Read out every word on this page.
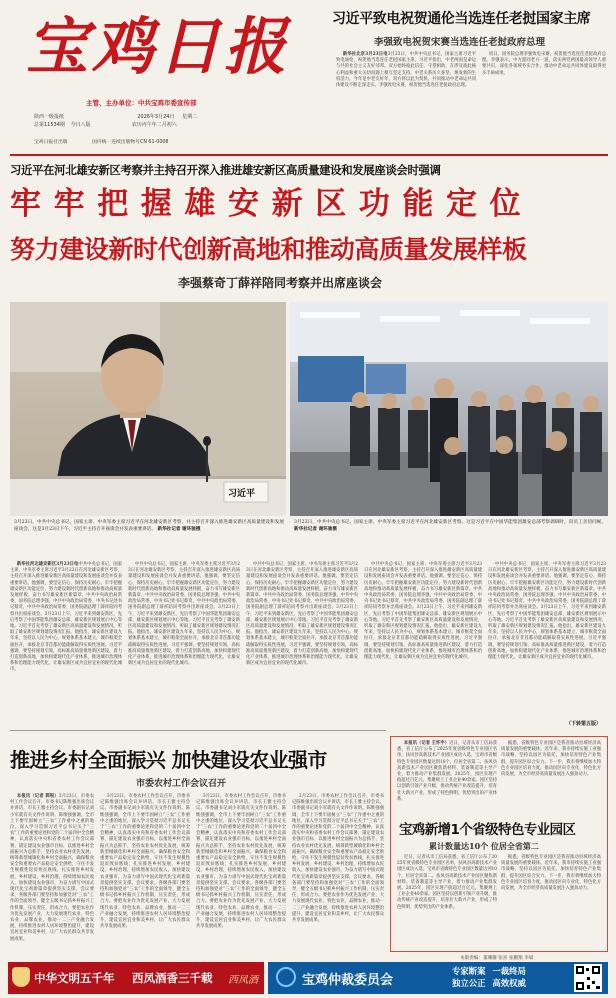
宝鸡日报
主管、主办单位：中共宝鸡市委宣传部
陕西一级报纸	2026年3月24日 星期二
总第11534期 今日八版	农历丙午年二月初六
宝鸡日报社出版	国内统一连续出版物号CN 61-0008
习近平致电祝贺通伦当选连任老挝国家主席
李强致电祝贺宋赛当选连任老挝政府总理

新华社北京3月23日电3月23日，中共中央总书记、国家主席习近平致电通伦，祝贺他当选连任老挝国家主席。习近平指出，中老两国是命运与共的社会主义友好邻邦。双方始终彼此信任、守望相助，在涉及彼此核心利益和重大关切问题上相互坚定支持。中老关系历久弥坚、焕发新的生机活力。今年是中老友好年，双方将以此为契机，共同推动中老命运共同体建设不断走深走实。李强致电宋赛，祝贺他当选连任老挝政府总理。

同日，国务院总理李强致电宋赛，祝贺他当选连任老挝政府总理。李强表示，中方愿同老方一道，落实两党两国最高领导人重要共识，深化各领域务实合作，推动中老命运共同体建设取得更多丰硕成果。

习近平在河北雄安新区考察并主持召开深入推进雄安新区高质量建设和发展座谈会时强调
牢牢把握雄安新区功能定位
努力建设新时代创新高地和推动高质量发展样板
李强蔡奇丁薛祥陪同考察并出席座谈会
习近平
3月23日，中共中央总书记、国家主席、中央军委主席习近平在河北雄安新区考察，并主持召开深入推进雄安新区高质量建设和发展座谈会。这是3月23日下午，习近平主持召开座谈会并发表重要讲话。 新华社记者 谢环驰摄
3月23日，中共中央总书记、国家主席、中央军委主席习近平在河北雄安新区考察。这是习近平在中国华能集团雄安总部考察调研时，向员工亲切问候。 新华社记者 谢环驰摄

新华社河北雄安新区3月23日电中共中央总书记、国家主席、中央军委主席习近平3月23日在河北雄安新区考察，主持召开深入推进雄安新区高质量建设和发展座谈会并发表重要讲话。他强调，要坚定信心、保持历史耐心，牢牢把握雄安新区功能定位，努力建设新时代创新高地和推动高质量发展样板，奋力书写雄安新区新篇章。中共中央政治局常委、国务院总理李强，中共中央政治局常委、中央书记处书记蔡奇，中共中央政治局常委、国务院副总理丁薛祥陪同考察并出席座谈会。3月23日上午，习近平来到雄安新区，先后考察了中国华能集团雄安总部、雄安新区规划展示中心等地。习近平首先考察了雄安新区高质量建设和发展情况，听取了雄安新区规划建设情况汇报。他指出，雄安新区建设九年来，坚持以人民为中心，规划体系基本建立，城市框架全面拉开，承接北京非首都功能疏解取得实质性进展。习近平强调，要坚持规划引领，高标准高质量推进新区建设，着力打造创新高地，加快构建现代化产业体系，推进城市治理体系和治理能力现代化，让雄安新区成为宜居宜业的现代化城市。

中共中央总书记、国家主席、中央军委主席习近平3月23日在河北雄安新区考察，主持召开深入推进雄安新区高质量建设和发展座谈会并发表重要讲话。他强调，要坚定信心、保持历史耐心，牢牢把握雄安新区功能定位，努力建设新时代创新高地和推动高质量发展样板，奋力书写雄安新区新篇章。中共中央政治局常委、国务院总理李强，中共中央政治局常委、中央书记处书记蔡奇，中共中央政治局常委、国务院副总理丁薛祥陪同考察并出席座谈会。3月23日上午，习近平来到雄安新区，先后考察了中国华能集团雄安总部、雄安新区规划展示中心等地。习近平首先考察了雄安新区高质量建设和发展情况，听取了雄安新区规划建设情况汇报。他指出，雄安新区建设九年来，坚持以人民为中心，规划体系基本建立，城市框架全面拉开，承接北京非首都功能疏解取得实质性进展。习近平强调，要坚持规划引领，高标准高质量推进新区建设，着力打造创新高地，加快构建现代化产业体系，推进城市治理体系和治理能力现代化，让雄安新区成为宜居宜业的现代化城市。

中共中央总书记、国家主席、中央军委主席习近平3月23日在河北雄安新区考察，主持召开深入推进雄安新区高质量建设和发展座谈会并发表重要讲话。他强调，要坚定信心、保持历史耐心，牢牢把握雄安新区功能定位，努力建设新时代创新高地和推动高质量发展样板，奋力书写雄安新区新篇章。中共中央政治局常委、国务院总理李强，中共中央政治局常委、中央书记处书记蔡奇，中共中央政治局常委、国务院副总理丁薛祥陪同考察并出席座谈会。3月23日上午，习近平来到雄安新区，先后考察了中国华能集团雄安总部、雄安新区规划展示中心等地。习近平首先考察了雄安新区高质量建设和发展情况，听取了雄安新区规划建设情况汇报。他指出，雄安新区建设九年来，坚持以人民为中心，规划体系基本建立，城市框架全面拉开，承接北京非首都功能疏解取得实质性进展。习近平强调，要坚持规划引领，高标准高质量推进新区建设，着力打造创新高地，加快构建现代化产业体系，推进城市治理体系和治理能力现代化，让雄安新区成为宜居宜业的现代化城市。

中共中央总书记、国家主席、中央军委主席习近平3月23日在河北雄安新区考察，主持召开深入推进雄安新区高质量建设和发展座谈会并发表重要讲话。他强调，要坚定信心、保持历史耐心，牢牢把握雄安新区功能定位，努力建设新时代创新高地和推动高质量发展样板，奋力书写雄安新区新篇章。中共中央政治局常委、国务院总理李强，中共中央政治局常委、中央书记处书记蔡奇，中共中央政治局常委、国务院副总理丁薛祥陪同考察并出席座谈会。3月23日上午，习近平来到雄安新区，先后考察了中国华能集团雄安总部、雄安新区规划展示中心等地。习近平首先考察了雄安新区高质量建设和发展情况，听取了雄安新区规划建设情况汇报。他指出，雄安新区建设九年来，坚持以人民为中心，规划体系基本建立，城市框架全面拉开，承接北京非首都功能疏解取得实质性进展。习近平强调，要坚持规划引领，高标准高质量推进新区建设，着力打造创新高地，加快构建现代化产业体系，推进城市治理体系和治理能力现代化，让雄安新区成为宜居宜业的现代化城市。

中共中央总书记、国家主席、中央军委主席习近平3月23日在河北雄安新区考察，主持召开深入推进雄安新区高质量建设和发展座谈会并发表重要讲话。他强调，要坚定信心、保持历史耐心，牢牢把握雄安新区功能定位，努力建设新时代创新高地和推动高质量发展样板，奋力书写雄安新区新篇章。中共中央政治局常委、国务院总理李强，中共中央政治局常委、中央书记处书记蔡奇，中共中央政治局常委、国务院副总理丁薛祥陪同考察并出席座谈会。3月23日上午，习近平来到雄安新区，先后考察了中国华能集团雄安总部、雄安新区规划展示中心等地。习近平首先考察了雄安新区高质量建设和发展情况，听取了雄安新区规划建设情况汇报。他指出，雄安新区建设九年来，坚持以人民为中心，规划体系基本建立，城市框架全面拉开，承接北京非首都功能疏解取得实质性进展。习近平强调，要坚持规划引领，高标准高质量推进新区建设，着力打造创新高地，加快构建现代化产业体系，推进城市治理体系和治理能力现代化，让雄安新区成为宜居宜业的现代化城市。

（下转第五版）
推进乡村全面振兴 加快建设农业强市
市委农村工作会议召开

本报讯（记者 郭锐）3月23日，市委农村工作会议召开，市委书记陈维强出席会议并讲话，市长王雅主持会议。市委副书记刘小军就有关文件作说明。陈维强强调，全市上下要牢固树立“三农”工作重中之重的地位，深入学习贯彻习近平总书记关于“三农”工作的重要论述和党的二十届四中全会精神，认真落实中央和省委农村工作会议部署，锚定建设农业强市目标，以推进乡村全面振兴为总抓手，坚持农业农村优先发展，统筹新型城镇化和乡村全面振兴，确保粮食安全和重要农产品稳定安全供给，守住不发生规模性返贫致贫底线，扎实推进乡村发展、乡村建设、乡村治理，持续增加农民收入，加快建设农业强市，为奋力谱写中国式现代化宝鸡新篇章提供坚实支撑。会议要求，各级各部门要坚持和加强党对“三农”工作的全面领导，健全五级书记抓乡村振兴工作机制，压实责任，形成合力。要把农业作为优先发展产业，大力发展现代农业、特色农业、品牌农业，推动一二三产业融合发展，持续推进农村人居环境整治提升，建设宜居宜业和美乡村，让广大农民群众共享发展成果。

3月23日，市委农村工作会议召开，市委书记陈维强出席会议并讲话，市长王雅主持会议。市委副书记刘小军就有关文件作说明。陈维强强调，全市上下要牢固树立“三农”工作重中之重的地位，深入学习贯彻习近平总书记关于“三农”工作的重要论述和党的二十届四中全会精神，认真落实中央和省委农村工作会议部署，锚定建设农业强市目标，以推进乡村全面振兴为总抓手，坚持农业农村优先发展，统筹新型城镇化和乡村全面振兴，确保粮食安全和重要农产品稳定安全供给，守住不发生规模性返贫致贫底线，扎实推进乡村发展、乡村建设、乡村治理，持续增加农民收入，加快建设农业强市，为奋力谱写中国式现代化宝鸡新篇章提供坚实支撑。会议要求，各级各部门要坚持和加强党对“三农”工作的全面领导，健全五级书记抓乡村振兴工作机制，压实责任，形成合力。要把农业作为优先发展产业，大力发展现代农业、特色农业、品牌农业，推动一二三产业融合发展，持续推进农村人居环境整治提升，建设宜居宜业和美乡村，让广大农民群众共享发展成果。

3月23日，市委农村工作会议召开，市委书记陈维强出席会议并讲话，市长王雅主持会议。市委副书记刘小军就有关文件作说明。陈维强强调，全市上下要牢固树立“三农”工作重中之重的地位，深入学习贯彻习近平总书记关于“三农”工作的重要论述和党的二十届四中全会精神，认真落实中央和省委农村工作会议部署，锚定建设农业强市目标，以推进乡村全面振兴为总抓手，坚持农业农村优先发展，统筹新型城镇化和乡村全面振兴，确保粮食安全和重要农产品稳定安全供给，守住不发生规模性返贫致贫底线，扎实推进乡村发展、乡村建设、乡村治理，持续增加农民收入，加快建设农业强市，为奋力谱写中国式现代化宝鸡新篇章提供坚实支撑。会议要求，各级各部门要坚持和加强党对“三农”工作的全面领导，健全五级书记抓乡村振兴工作机制，压实责任，形成合力。要把农业作为优先发展产业，大力发展现代农业、特色农业、品牌农业，推动一二三产业融合发展，持续推进农村人居环境整治提升，建设宜居宜业和美乡村，让广大农民群众共享发展成果。

3月23日，市委农村工作会议召开，市委书记陈维强出席会议并讲话，市长王雅主持会议。市委副书记刘小军就有关文件作说明。陈维强强调，全市上下要牢固树立“三农”工作重中之重的地位，深入学习贯彻习近平总书记关于“三农”工作的重要论述和党的二十届四中全会精神，认真落实中央和省委农村工作会议部署，锚定建设农业强市目标，以推进乡村全面振兴为总抓手，坚持农业农村优先发展，统筹新型城镇化和乡村全面振兴，确保粮食安全和重要农产品稳定安全供给，守住不发生规模性返贫致贫底线，扎实推进乡村发展、乡村建设、乡村治理，持续增加农民收入，加快建设农业强市，为奋力谱写中国式现代化宝鸡新篇章提供坚实支撑。会议要求，各级各部门要坚持和加强党对“三农”工作的全面领导，健全五级书记抓乡村振兴工作机制，压实责任，形成合力。要把农业作为优先发展产业，大力发展现代农业、特色农业、品牌农业，推动一二三产业融合发展，持续推进农村人居环境整治提升，建设宜居宜业和美乡村，让广大农民群众共享发展成果。

本报讯（记者 王怀宇）近日，记者从市工信局获悉，省工信厅公布了2025年度省级特色专业园区名单，扶风县高新技术产业园区成功入选，宝鸡市省级特色专业园区数量达到10个，位居全省第二。扶风县高新技术产业园区聚焦新材料、装备制造等主导产业，着力推动产业集群发展。2025年，园区实现产值超过百亿元，集聚规上工业企业40余家。园区坚持以创新引领产业升级，推动传统产业改造提升，培育壮大新兴产业，形成了特色鲜明、优势突出的产业体系。

据悉，省级特色专业园区是我省推动县域经济高质量发展的重要载体。近年来，我市持续实施工业强市战略，坚持以园区为依托，加快培育特色产业集群，提升园区综合实力。下一步，我市将继续加大特色专业园区培育力度，推动园区向专业化、特色化方向发展，为全市经济高质量发展注入强劲动力。

宝鸡新增1个省级特色专业园区
累计数量达10个 位居全省第二

近日，记者从市工信局获悉，省工信厅公布了2025年度省级特色专业园区名单，扶风县高新技术产业园区成功入选，宝鸡市省级特色专业园区数量达到10个，位居全省第二。扶风县高新技术产业园区聚焦新材料、装备制造等主导产业，着力推动产业集群发展。2025年，园区实现产值超过百亿元，集聚规上工业企业40余家。园区坚持以创新引领产业升级，推动传统产业改造提升，培育壮大新兴产业，形成了特色鲜明、优势突出的产业体系。

据悉，省级特色专业园区是我省推动县域经济高质量发展的重要载体。近年来，我市持续实施工业强市战略，坚持以园区为依托，加快培育特色产业集群，提升园区综合实力。下一步，我市将继续加大特色专业园区培育力度，推动园区向专业化、特色化方向发展，为全市经济高质量发展注入强劲动力。

本版责编：董珊珊 张喜 张鹏翔 李斌
中华文明五千年 西凤酒香三千载 西凤酒	宝鸡仲裁委员会
专家断案 一裁终局
独立公正 高效权威
